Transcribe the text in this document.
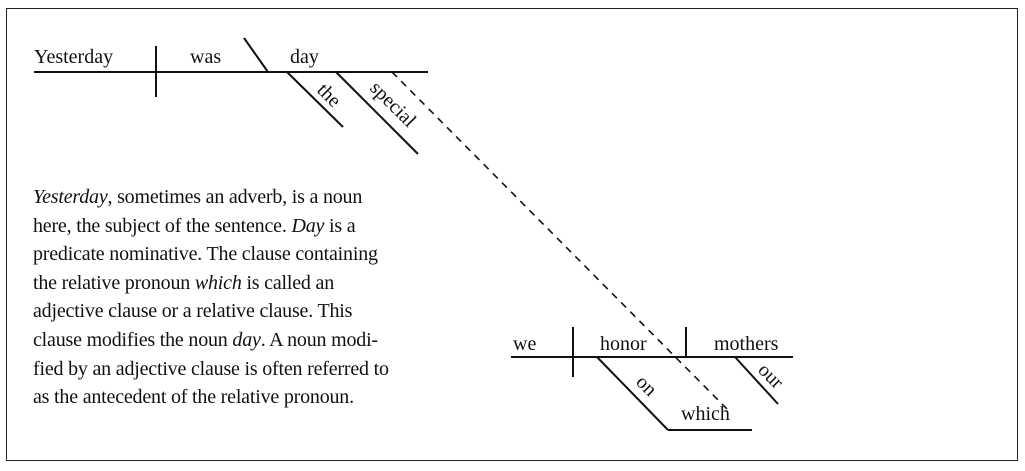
Yesterday	was	day
the special
we	honor	mothers
our
on
which

Yesterday, sometimes an adverb, is a noun

here, the subject of the sentence. Day is a

predicate nominative. The clause containing

the relative pronoun which is called an

adjective clause or a relative clause. This

clause modifies the noun day. A noun modi-

fied by an adjective clause is often referred to

as the antecedent of the relative pronoun.
